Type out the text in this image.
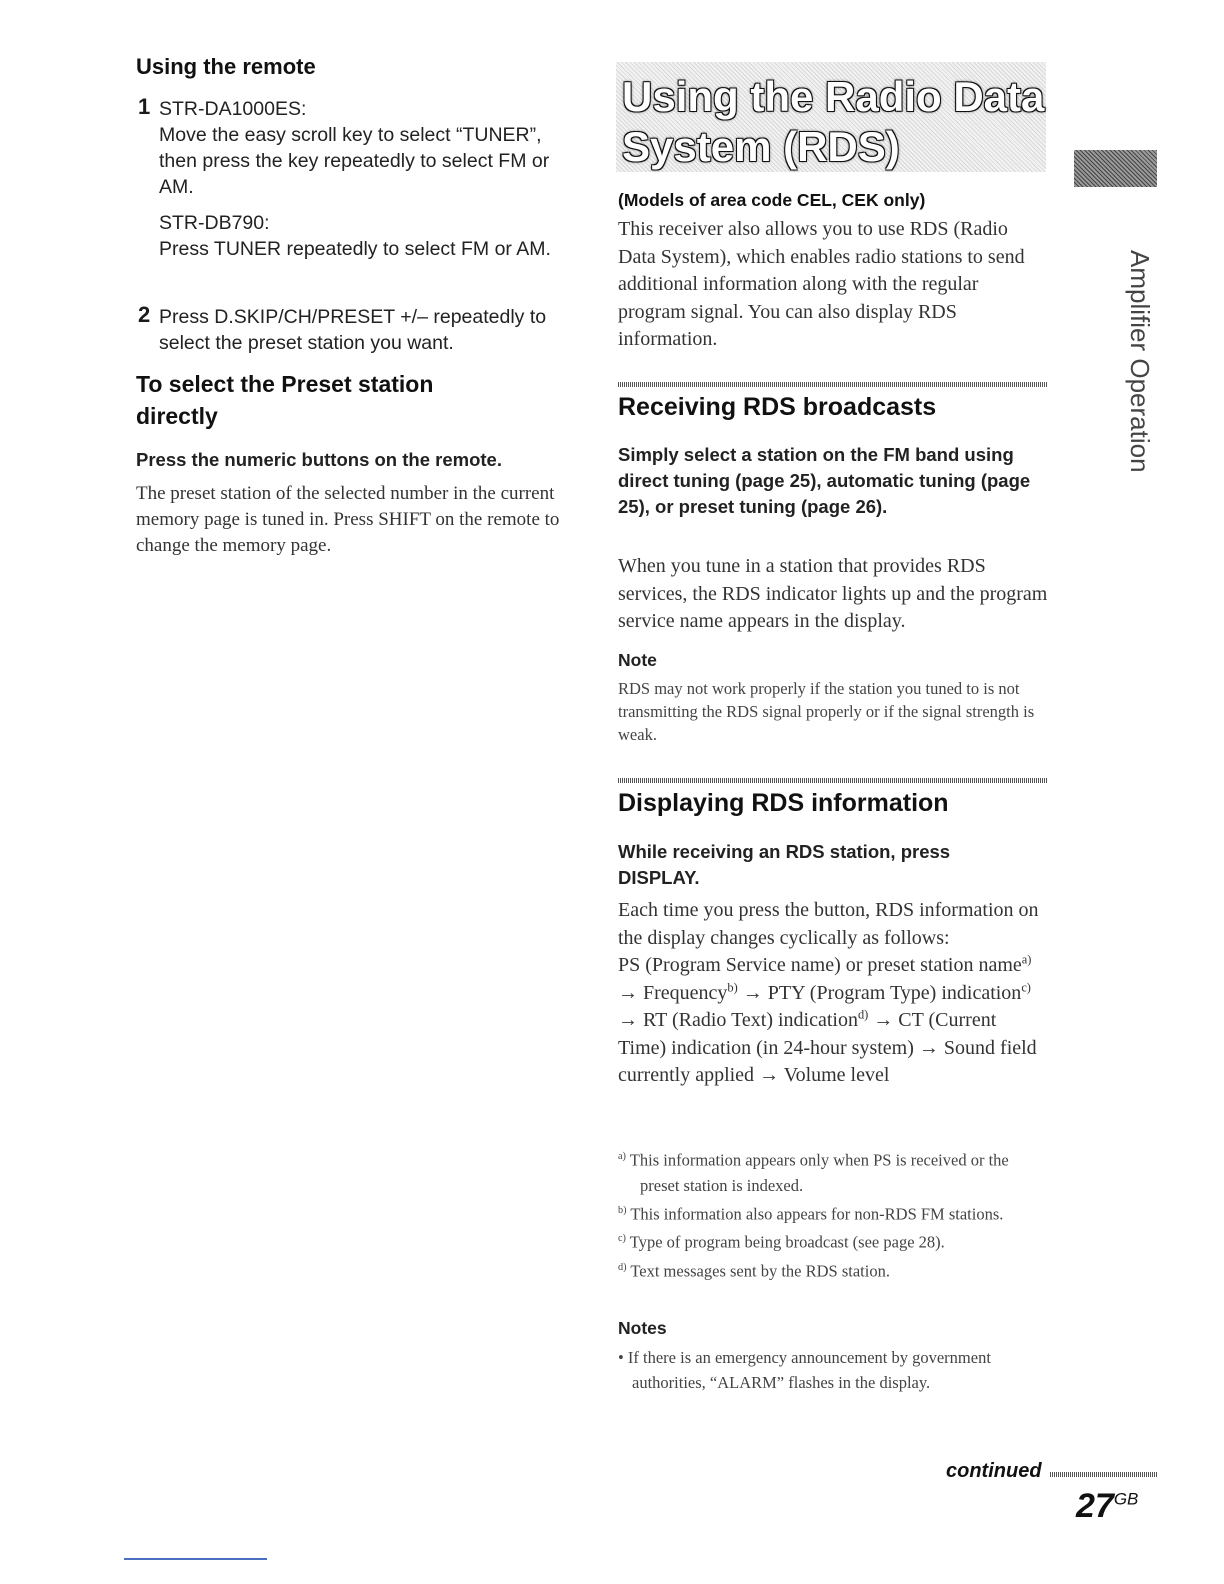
Using the remote
1 STR-DA1000ES:
Move the easy scroll key to select “TUNER”, then press the key repeatedly to select FM or AM.
STR-DB790:
Press TUNER repeatedly to select FM or AM.
2 Press D.SKIP/CH/PRESET +/– repeatedly to select the preset station you want.
To select the Preset station
directly
Press the numeric buttons on the remote.
The preset station of the selected number in the current memory page is tuned in. Press SHIFT on the remote to change the memory page.
Using the Radio Data
System (RDS)
Amplifier Operation
(Models of area code CEL, CEK only)
This receiver also allows you to use RDS (Radio Data System), which enables radio stations to send additional information along with the regular program signal. You can also display RDS information.
Receiving RDS broadcasts
Simply select a station on the FM band using direct tuning (page 25), automatic tuning (page 25), or preset tuning (page 26).
When you tune in a station that provides RDS services, the RDS indicator lights up and the program service name appears in the display.
Note
RDS may not work properly if the station you tuned to is not transmitting the RDS signal properly or if the signal strength is weak.
Displaying RDS information
While receiving an RDS station, press DISPLAY.
Each time you press the button, RDS information on the display changes cyclically as follows:
PS (Program Service name) or preset station name$^{a)}$ → Frequency$^{b)}$ → PTY (Program Type) indication$^{c)}$ → RT (Radio Text) indication$^{d)}$ → CT (Current Time) indication (in 24-hour system) → Sound field currently applied → Volume level
$^{a)}$ This information appears only when PS is received or the preset station is indexed.
$^{b)}$ This information also appears for non-RDS FM stations.
$^{c)}$ Type of program being broadcast (see page 28).
$^{d)}$ Text messages sent by the RDS station.
Notes
• If there is an emergency announcement by government authorities, “ALARM” flashes in the display.
continued
$27^{GB}$
